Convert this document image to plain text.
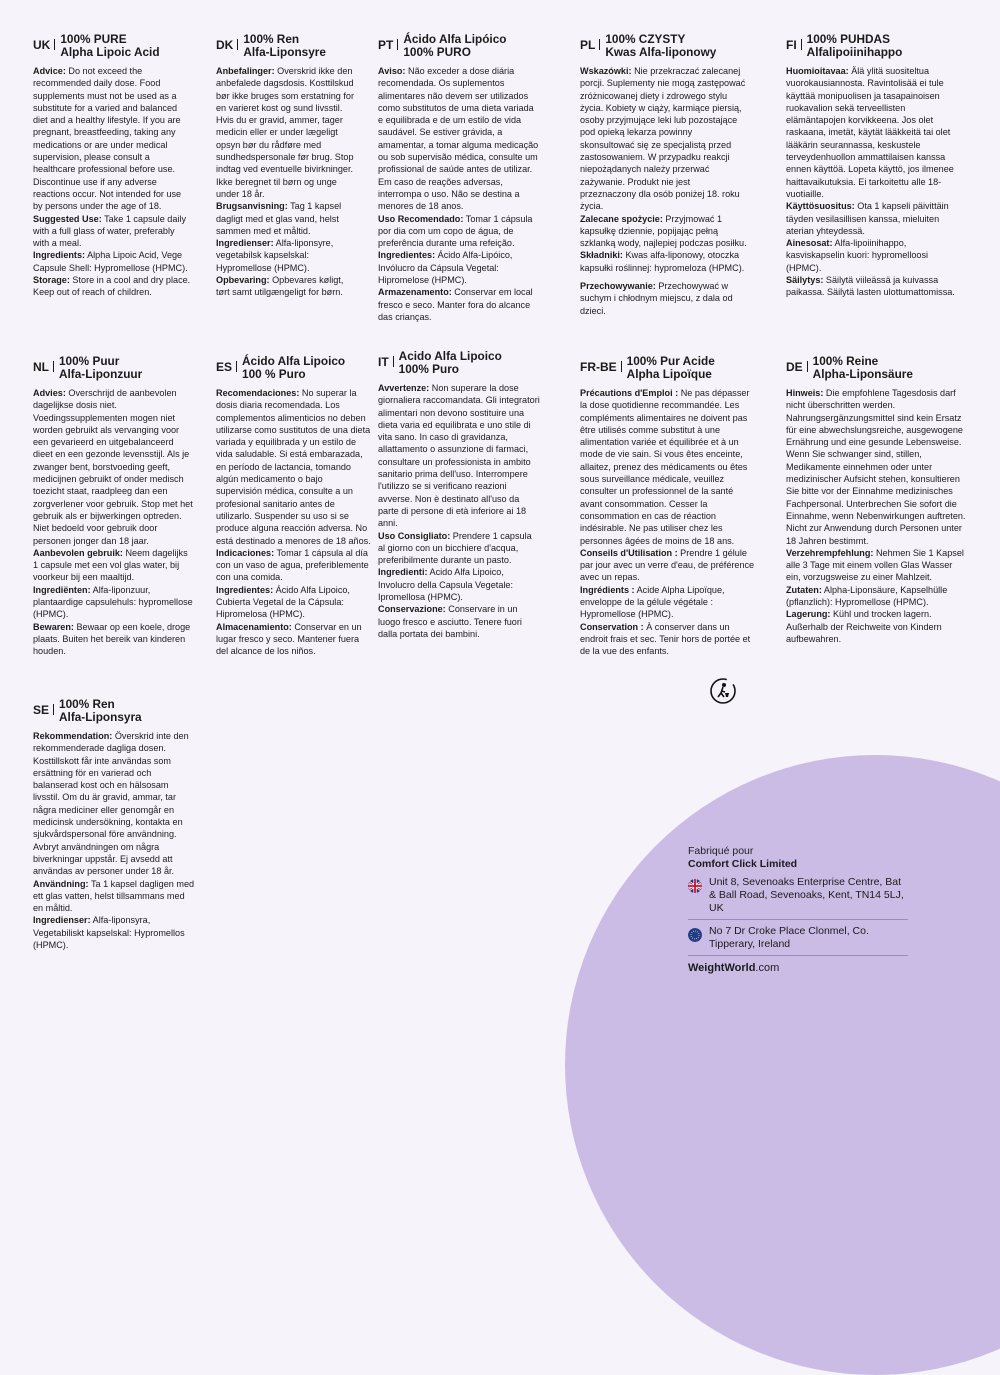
UK 100% PURE
Alpha Lipoic Acid

Advice: Do not exceed the recommended daily dose. Food supplements must not be used as a substitute for a varied and balanced diet and a healthy lifestyle. If you are pregnant, breastfeeding, taking any medications or are under medical supervision, please consult a healthcare professional before use. Discontinue use if any adverse reactions occur. Not intended for use by persons under the age of 18.

Suggested Use: Take 1 capsule daily with a full glass of water, preferably with a meal.

Ingredients: Alpha Lipoic Acid, Vege Capsule Shell: Hypromellose (HPMC).

Storage: Store in a cool and dry place. Keep out of reach of children.

DK 100% Ren
Alfa-Liponsyre

Anbefalinger: Overskrid ikke den anbefalede dagsdosis. Kosttilskud bør ikke bruges som erstatning for en varieret kost og sund livsstil. Hvis du er gravid, ammer, tager medicin eller er under lægeligt opsyn bør du rådføre med sundhedspersonale før brug. Stop indtag ved eventuelle bivirkninger. Ikke beregnet til børn og unge under 18 år.

Brugsanvisning: Tag 1 kapsel dagligt med et glas vand, helst sammen med et måltid.

Ingredienser: Alfa-liponsyre, vegetabilsk kapselskal: Hypromellose (HPMC).

Opbevaring: Opbevares køligt, tørt samt utilgængeligt for børn.

PT Ácido Alfa Lipóico
100% PURO

Aviso: Não exceder a dose diária recomendada. Os suplementos alimentares não devem ser utilizados como substitutos de uma dieta variada e equilibrada e de um estilo de vida saudável. Se estiver grávida, a amamentar, a tomar alguma medicação ou sob supervisão médica, consulte um profissional de saúde antes de utilizar. Em caso de reações adversas, interrompa o uso. Não se destina a menores de 18 anos.

Uso Recomendado: Tomar 1 cápsula por dia com um copo de água, de preferência durante uma refeição.

Ingredientes: Ácido Alfa-Lipóico, Invólucro da Cápsula Vegetal: Hipromelose (HPMC).

Armazenamento: Conservar em local fresco e seco. Manter fora do alcance das crianças.

PL 100% CZYSTY
Kwas Alfa-liponowy

Wskazówki: Nie przekraczać zalecanej porcji. Suplementy nie mogą zastępować zróżnicowanej diety i zdrowego stylu życia. Kobiety w ciąży, karmiące piersią, osoby przyjmujące leki lub pozostające pod opieką lekarza powinny skonsultować się ze specjalistą przed zastosowaniem. W przypadku reakcji niepożądanych należy przerwać zażywanie. Produkt nie jest przeznaczony dla osób poniżej 18. roku życia.

Zalecane spożycie: Przyjmować 1 kapsułkę dziennie, popijając pełną szklanką wody, najlepiej podczas posiłku.

Składniki: Kwas alfa-liponowy, otoczka kapsułki roślinnej: hypromeloza (HPMC).

Przechowywanie: Przechowywać w suchym i chłodnym miejscu, z dala od dzieci.

FI 100% PUHDAS
Alfalipoiinihappo

Huomioitavaa: Älä ylitä suositeltua vuorokausiannosta. Ravintolisää ei tule käyttää monipuolisen ja tasapainoisen ruokavalion sekä terveellisten elämäntapojen korvikkeena. Jos olet raskaana, imetät, käytät lääkkeitä tai olet lääkärin seurannassa, keskustele terveydenhuollon ammattilaisen kanssa ennen käyttöä. Lopeta käyttö, jos ilmenee haittavaikutuksia. Ei tarkoitettu alle 18-vuotiaille.

Käyttösuositus: Ota 1 kapseli päivittäin täyden vesilasillisen kanssa, mieluiten aterian yhteydessä.

Ainesosat: Alfa-lipoiinihappo, kasviskapselin kuori: hypromelloosi (HPMC).

Säilytys: Säilytä viileässä ja kuivassa paikassa. Säilytä lasten ulottumattomissa.

NL 100% Puur
Alfa-Liponzuur

Advies: Overschrijd de aanbevolen dagelijkse dosis niet. Voedingssupplementen mogen niet worden gebruikt als vervanging voor een gevarieerd en uitgebalanceerd dieet en een gezonde levensstijl. Als je zwanger bent, borstvoeding geeft, medicijnen gebruikt of onder medisch toezicht staat, raadpleeg dan een zorgverlener voor gebruik. Stop met het gebruik als er bijwerkingen optreden. Niet bedoeld voor gebruik door personen jonger dan 18 jaar.

Aanbevolen gebruik: Neem dagelijks 1 capsule met een vol glas water, bij voorkeur bij een maaltijd.

Ingrediënten: Alfa-liponzuur, plantaardige capsulehuls: hypromellose (HPMC).

Bewaren: Bewaar op een koele, droge plaats. Buiten het bereik van kinderen houden.

ES Ácido Alfa Lipoico
100 % Puro

Recomendaciones: No superar la dosis diaria recomendada. Los complementos alimenticios no deben utilizarse como sustitutos de una dieta variada y equilibrada y un estilo de vida saludable. Si está embarazada, en período de lactancia, tomando algún medicamento o bajo supervisión médica, consulte a un profesional sanitario antes de utilizarlo. Suspender su uso si se produce alguna reacción adversa. No está destinado a menores de 18 años.

Indicaciones: Tomar 1 cápsula al día con un vaso de agua, preferiblemente con una comida.

Ingredientes: Ácido Alfa Lipoico, Cubierta Vegetal de la Cápsula: Hipromelosa (HPMC).

Almacenamiento: Conservar en un lugar fresco y seco. Mantener fuera del alcance de los niños.

IT Acido Alfa Lipoico
100% Puro

Avvertenze: Non superare la dose giornaliera raccomandata. Gli integratori alimentari non devono sostituire una dieta varia ed equilibrata e uno stile di vita sano. In caso di gravidanza, allattamento o assunzione di farmaci, consultare un professionista in ambito sanitario prima dell'uso. Interrompere l'utilizzo se si verificano reazioni avverse. Non è destinato all'uso da parte di persone di età inferiore ai 18 anni.

Uso Consigliato: Prendere 1 capsula al giorno con un bicchiere d'acqua, preferibilmente durante un pasto.

Ingredienti: Acido Alfa Lipoico, Involucro della Capsula Vegetale: Ipromellosa (HPMC).

Conservazione: Conservare in un luogo fresco e asciutto. Tenere fuori dalla portata dei bambini.

FR-BE 100% Pur Acide
Alpha Lipoïque

Précautions d'Emploi : Ne pas dépasser la dose quotidienne recommandée. Les compléments alimentaires ne doivent pas être utilisés comme substitut à une alimentation variée et équilibrée et à un mode de vie sain. Si vous êtes enceinte, allaitez, prenez des médicaments ou êtes sous surveillance médicale, veuillez consulter un professionnel de la santé avant consommation. Cesser la consommation en cas de réaction indésirable. Ne pas utiliser chez les personnes âgées de moins de 18 ans.

Conseils d'Utilisation : Prendre 1 gélule par jour avec un verre d'eau, de préférence avec un repas.

Ingrédients : Acide Alpha Lipoïque, enveloppe de la gélule végétale : Hypromellose (HPMC).

Conservation : À conserver dans un endroit frais et sec. Tenir hors de portée et de la vue des enfants.

DE 100% Reine
Alpha-Liponsäure

Hinweis: Die empfohlene Tagesdosis darf nicht überschritten werden. Nahrungsergänzungsmittel sind kein Ersatz für eine abwechslungsreiche, ausgewogene Ernährung und eine gesunde Lebensweise. Wenn Sie schwanger sind, stillen, Medikamente einnehmen oder unter medizinischer Aufsicht stehen, konsultieren Sie bitte vor der Einnahme medizinisches Fachpersonal. Unterbrechen Sie sofort die Einnahme, wenn Nebenwirkungen auftreten. Nicht zur Anwendung durch Personen unter 18 Jahren bestimmt.

Verzehrempfehlung: Nehmen Sie 1 Kapsel alle 3 Tage mit einem vollen Glas Wasser ein, vorzugsweise zu einer Mahlzeit.

Zutaten: Alpha-Liponsäure, Kapselhülle (pflanzlich): Hypromellose (HPMC).

Lagerung: Kühl und trocken lagern. Außerhalb der Reichweite von Kindern aufbewahren.

SE 100% Ren
Alfa-Liponsyra

Rekommendation: Överskrid inte den rekommenderade dagliga dosen. Kosttillskott får inte användas som ersättning för en varierad och balanserad kost och en hälsosam livsstil. Om du är gravid, ammar, tar några mediciner eller genomgår en medicinsk undersökning, kontakta en sjukvårdspersonal före användning. Avbryt användningen om några biverkningar uppstår. Ej avsedd att användas av personer under 18 år.

Användning: Ta 1 kapsel dagligen med ett glas vatten, helst tillsammans med en måltid.

Ingredienser: Alfa-liponsyra, Vegetabiliskt kapselskal: Hypromellos (HPMC).

Fabriqué pour
Comfort Click Limited
Unit 8, Sevenoaks Enterprise Centre, Bat & Ball Road, Sevenoaks, Kent, TN14 5LJ, UK
No 7 Dr Croke Place Clonmel, Co. Tipperary, Ireland
WeightWorld.com
